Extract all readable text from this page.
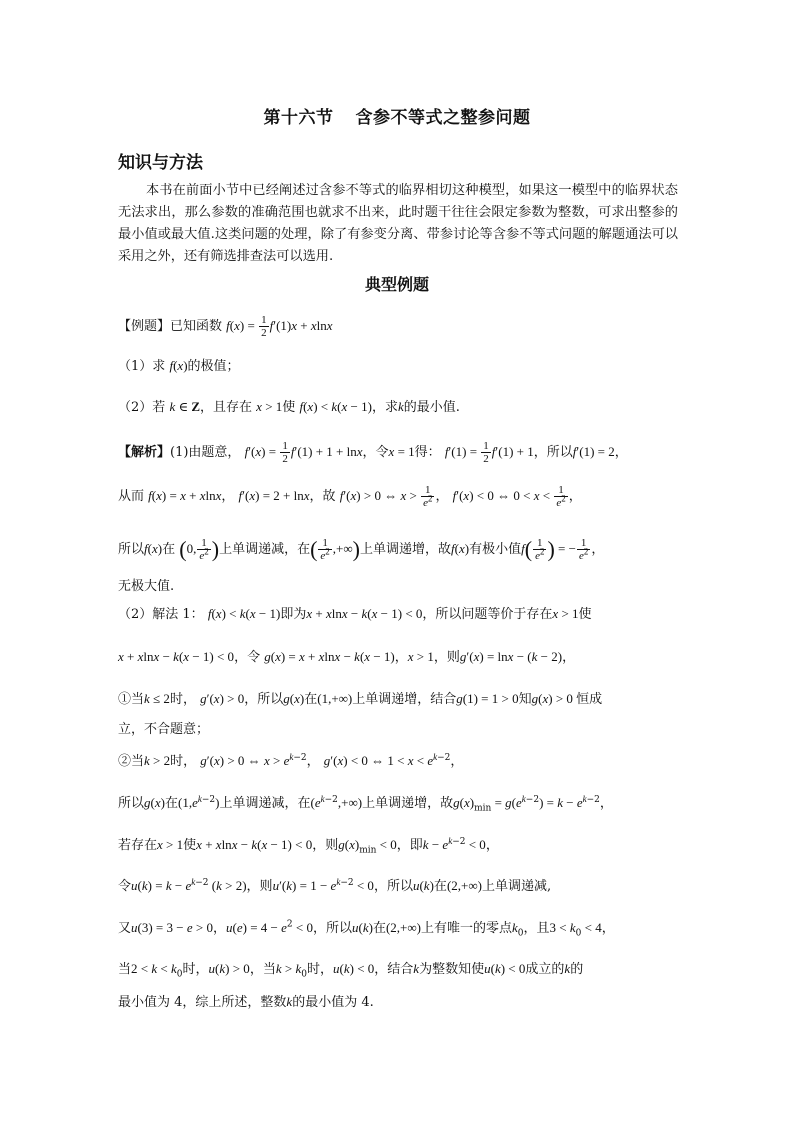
第十六节 含参不等式之整参问题
知识与方法

本书在前面小节中已经阐述过含参不等式的临界相切这种模型，如果这一模型中的临界状态无法求出，那么参数的准确范围也就求不出来，此时题干往往会限定参数为整数，可求出整参的最小值或最大值.这类问题的处理，除了有参变分离、带参讨论等含参不等式问题的解题通法可以采用之外，还有筛选排查法可以选用.

典型例题
【例题】已知函数 $f(x) = \frac{1}{2} f'(1)x + xlnx$
（1）求 f(x)的极值；
（2）若 k ∈ Z，且存在 x > 1使 f(x) < k(x − 1)，求k的最小值.
【解析】(1)由题意， $f'(x) = \frac{1}{2} f'(1) + 1 + \ln x$，令x = 1得： $f'(1) = \frac{1}{2} f'(1) + 1$，所以f′(1) = 2，
从而 f(x) = x + xlnx， f′(x) = 2 + lnx，故 f′(x) > 0 ⇔ $x > \frac{1}{e^2}$ ， f′(x) < 0 ⇔ $0 < x < \frac{1}{e^2}$ ，
所以f(x)在 (0, $\frac{1}{e^2}$ )上单调递减，在( $\frac{1}{e^2}$ ,+∞)上单调递增，故f(x)有极小值$f( \frac{1}{e^2}$ ) = − $\frac{1}{e^2}$ ，
无极大值.
（2）解法 1： f(x) < k(x − 1)即为x + xlnx − k(x − 1) < 0，所以问题等价于存在x > 1使
x + xlnx − k(x − 1) < 0，令 g(x) = x + xlnx − k(x − 1)，x > 1，则g′(x) = lnx − (k − 2)，
①当k ≤ 2时， g′(x) > 0，所以g(x)在(1,+∞)上单调递增，结合g(1) = 1 > 0知g(x) > 0 恒成
立，不合题意；
②当k > 2时， g′(x) > 0 ⇔ $x > e^{k-2}$， g′(x) < 0 ⇔ $1 < x < e^{k-2}$，
所以g(x)在$(1,e^{k-2})$上单调递减，在$(e^{k-2},+\infty)$上单调递增，故$g(x)_{min} = g(e^{k-2}) = k - e^{k-2}$，
若存在x > 1使x + xlnx − k(x − 1) < 0，则$g(x)_{min} < 0$，即$k - e^{k-2} < 0$，
令$u(k) = k - e^{k-2}$ (k > 2)，则$u'(k) = 1 - e^{k-2} < 0$，所以u(k)在(2,+∞)上单调递减,
又u(3) = 3 − e > 0，$u(e) = 4 - e^2 < 0$，所以u(k)在(2,+∞)上有唯一的零点$k_0$，且$3 < k_0 < 4$，
当$2 < k < k_0$时，u(k) > 0，当$k > k_0$时，u(k) < 0，结合k为整数知使u(k) < 0成立的k的
最小值为 4，综上所述，整数k的最小值为 4.
